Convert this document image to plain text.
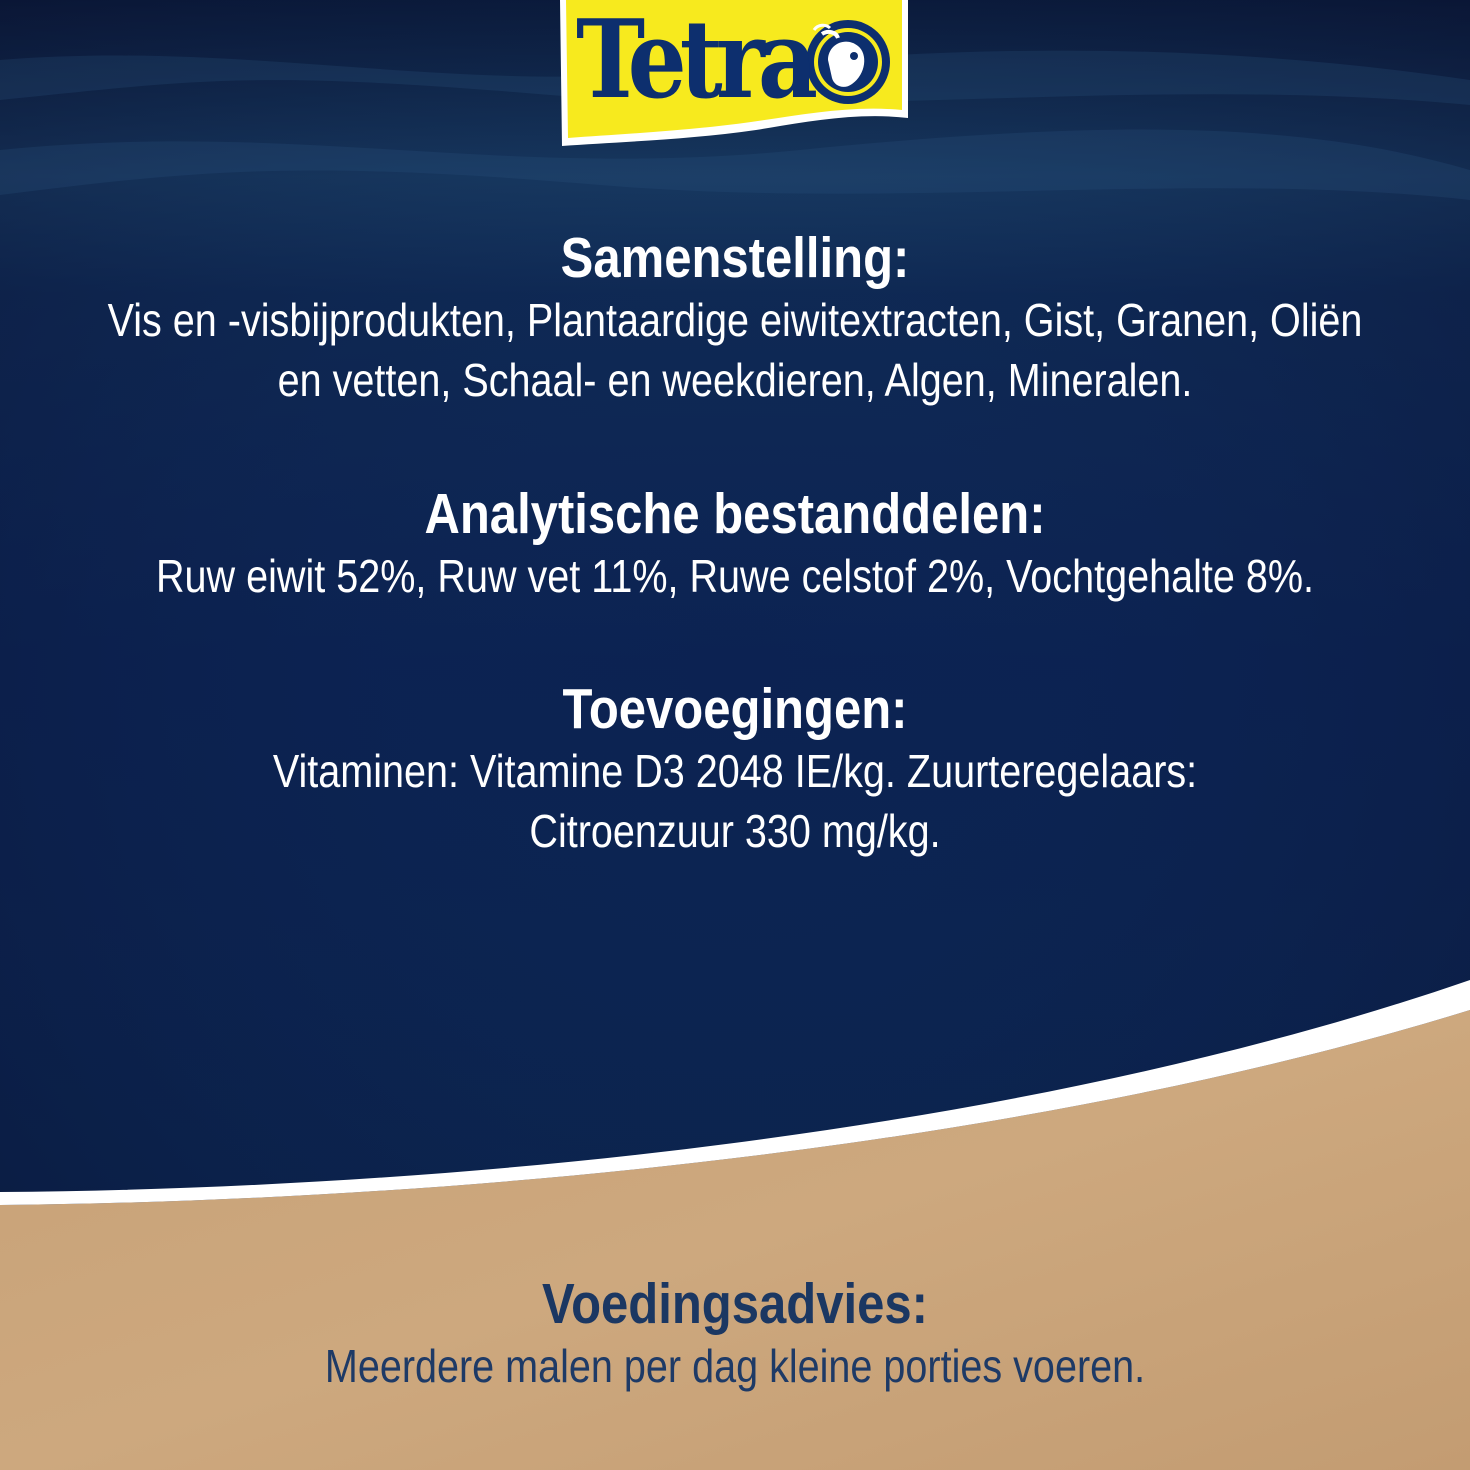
Tetra
Samenstelling:
Vis en -visbijprodukten, Plantaardige eiwitextracten, Gist, Granen, Oliën
en vetten, Schaal- en weekdieren, Algen, Mineralen.
Analytische bestanddelen:
Ruw eiwit 52%, Ruw vet 11%, Ruwe celstof 2%, Vochtgehalte 8%.
Toevoegingen:
Vitaminen: Vitamine D3 2048 IE/kg. Zuurteregelaars:
Citroenzuur 330 mg/kg.
Voedingsadvies:
Meerdere malen per dag kleine porties voeren.
